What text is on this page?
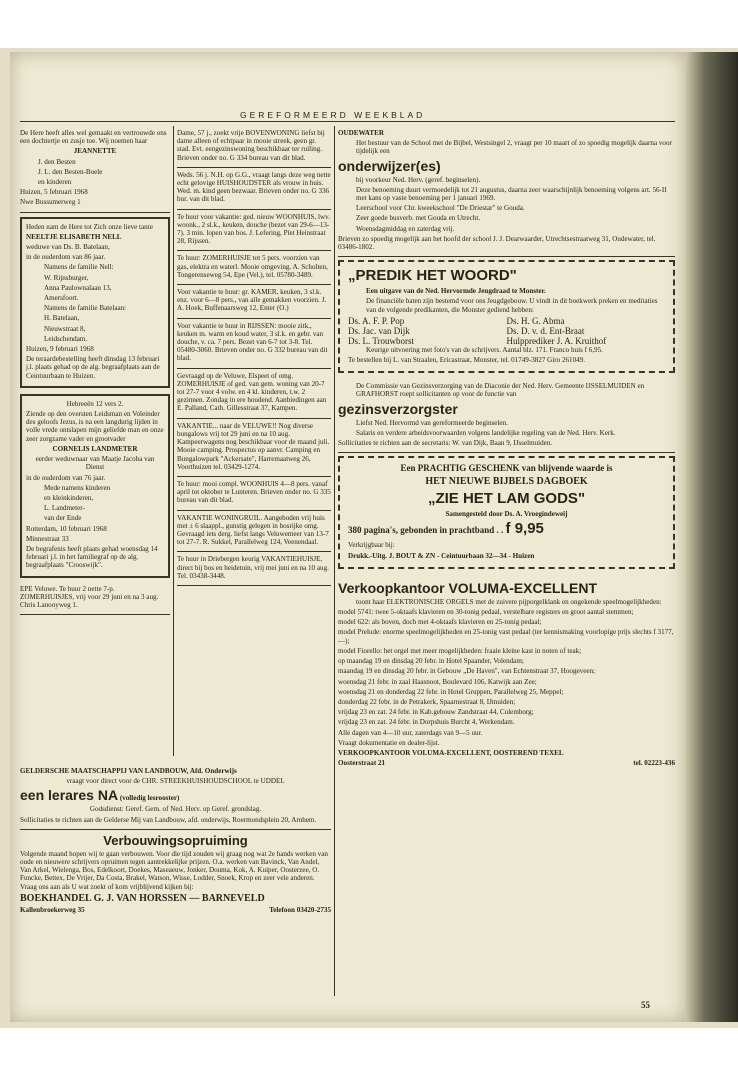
GEREFORMEERD WEEKBLAD

De Here heeft alles wel gemaakt en vertrouwde ons een dochtertje en zusje toe. Wij noemen haar

JEANNETTE

J. den Besten

J. L. den Besten-Boele

en kinderen

Huizen, 5 februari 1968

Nwe Bussumerweg 1

Heden nam de Here tot Zich onze lieve tante

NEELTJE ELISABETH NELL

weduwe van Ds. B. Batelaan,

in de ouderdom van 86 jaar.

Namens de familie Nell:

W. Rijnsburger,

Anna Paulownalaan 13,

Amersfoort.

Namens de familie Batelaan:

H. Batelaan,

Nieuwstraat 8,

Leidschendam.

Huizen, 9 februari 1968

De teraardebestelling heeft dinsdag 13 februari j.l. plaats gehad op de alg. begraafplaats aan de Ceintuurbaan te Huizen.

Hebreeën 12 vers 2.

Ziende op den oversten Leidsman en Voleinder des geloofs Jezus, is na een langdurig lijden in volle vrede ontslapen mijn geliefde man en onze zeer zorgzame vader en grootvader

CORNELIS LANDMETER

eerder weduwnaar van Maatje Jacoba van Dienst

in de ouderdom van 76 jaar.

Mede namens kinderen

en kleinkinderen,

L. Landmeter-

van der Ende

Rotterdam, 10 februari 1968

Minnestraat 33

De begrafenis heeft plaats gehad woensdag 14 februari j.l. in het familiegraf op de alg. begraafplaats "Crooswijk".

EPE Veluwe. Te huur 2 nette 7-p. ZOMERHUISJES, vrij voor 29 juni en na 3 aug. Chris Lanooyweg 1.

Dame, 57 j., zoekt vrije BOVENWONING liefst bij dame alleen of echtpaar in mooie streek, geen gr. stad. Evt. eengezinswoning beschikbaar ter ruiling. Brieven onder no. G 334 bureau van dit blad.

Weds. 56 j. N.H. op G.G., vraagt langs deze weg nette echt gelovige HUISHOUDSTER als vrouw in huis. Wed. m. kind geen bezwaar. Brieven onder no. G 336 bur. van dit blad.

Te huur voor vakantie: ged. nieuw WOONHUIS, lwv. woonk., 2 sl.k., keuken, douche (bezet van 29-6—13-7). 3 min. lopen van bos. J. Lefering, Piet Heinstraat 28, Rijssen.

Te huur: ZOMERHUISJE tot 5 pers. voorzien van gas, elektra en waterl. Mooie omgeving. A. Scholten, Tongerenseweg 54, Epe (Vel.), tel. 05780-3489.

Voor vakantie te huur: gr. KAMER, keuken, 3 sl.k. enz. voor 6—8 pers., van alle gemakken voorzien. J. A. Hoek, Buffenaarsweg 12, Enter (O.)

Voor vakantie te huur in RIJSSEN: mooie zitk., keuken m. warm en koud water, 3 sl.k. en gebr. van douche, v. ca. 7 pers. Bezet van 6-7 tot 3-8. Tel. 05480-3060. Brieven onder no. G 332 bureau van dit blad.

Gevraagd op de Veluwe, Elspeet of omg. ZOMERHUISJE of ged. van gem. woning van 20-7 tot 27-7 voor 4 volw. en 4 kl. kinderen, t.w. 2 gezinnen. Zondag in ere houdend. Aanbiedingen aan E. Palland, Cath. Gillesstraat 37, Kampen.

VAKANTIE... naar de VELUWE!! Nog diverse bungalows vrij tot 29 juni en na 10 aug. Kampeerwagens nog beschikbaar voor de maand juli. Mooie camping. Prospectus op aanvr. Camping en Bungalowpark "Ackersate", Harremaatweg 26, Voorthuizen tel. 03429-1274.

Te huur: mooi compl. WOONHUIS 4—8 pers. vanaf april tot oktober te Lunteren. Brieven onder no. G 335 bureau van dit blad.

VAKANTIE WONINGRUIL. Aangeboden vrij huis met ± 6 slaappl., gunstig gelegen in bosrijke omg. Gevraagd iets derg. liefst langs Veluwemeer van 13-7 tot 27-7. R. Sukkel, Parallelweg 124, Veenendaal.

Te huur in Driebergen keurig VAKANTIEHUISJE, direct bij bos en heidetuin, vrij mei juni en na 10 aug. Tel. 03438-3448.

GELDERSCHE MAATSCHAPPIJ VAN LANDBOUW, Afd. Onderwijs

vraagt voor direct voor de CHR. STREEKHUISHOUDSCHOOL te UDDEL

een lerares NA (volledig lesrooster)

Godsdienst: Geref. Gem. of Ned. Herv. op Geref. grondslag.

Sollicitaties te richten aan de Gelderse Mij van Landbouw, afd. onderwijs, Roermondsplein 20, Arnhem.

Verbouwingsopruiming

Volgende maand hopen wij te gaan verbouwen. Voor die tijd zouden wij graag nog wat 2e hands werken van oude en nieuwere schrijvers opruimen tegen aantrekkelijke prijzen. O.a. werken van Bavinck, Van Andel, Van Arkel, Wielenga, Bos, Edelkoort, Doekes, Maseaeuw, Jonker, Douma, Kok, A. Kuiper, Oosterzee, O. Funcke, Bettex, De Vrijer, Da Costa, Brakel, Watson, Wisse, Lodder, Snoek, Krop en zeer vele anderen. Vraag ons aan als U wat zoekt of kom vrijblijvend kijken bij:

BOEKHANDEL G. J. VAN HORSSEN — BARNEVELD

Kallenbroekerweg 35	Telefoon 03420-2735

OUDEWATER

Het bestuur van de School met de Bijbel, Westsingel 2, vraagt per 10 maart of zo spoedig mogelijk daarna voor tijdelijk een

onderwijzer(es)

bij voorkeur Ned. Herv. (geref. beginselen).

Deze benoeming duurt vermoedelijk tot 21 augustus, daarna zeer waarschijnlijk benoeming volgens art. 56-II met kans op vaste benoeming per 1 januari 1969.

Leerschool voor Chr. kweekschool "De Driestar" te Gouda.

Zeer goede busverb. met Gouda en Utrecht.

Woensdagmiddag en zaterdag vrij.

Brieven zo spoedig mogelijk aan het hoofd der school J. J. Dearwaarder, Utrechtsestraatweg 31, Oudewater, tel. 03486-1802.

„PREDIK HET WOORD"

Een uitgave van de Ned. Hervormde Jeugdraad te Monster.

De financiële baten zijn bestemd voor ons Jeugdgebouw. U vindt in dit boekwerk preken en meditaties van de volgende predikanten, die Monster gediend hebben:

Ds. A. F. P. Pop	Ds. H. G. Abma
Ds. Jac. van Dijk	Ds. D. v. d. Ent-Braat
Ds. L. Trouwborst	Hulpprediker J. A. Kruithof

Keurige uitvoering met foto's van de schrijvers. Aantal blz. 171. Franco huis f 6,95.

Te bestellen bij L. van Straalen, Ericastraat, Monster, tel. 01749-3827 Giro 261049.

De Commissie van Gezinsverzorging van de Diaconie der Ned. Herv. Gemeente IJSSELMUIDEN en GRAFHORST roept sollicitanten op voor de functie van

gezinsverzorgster

Liefst Ned. Hervormd van gereformeerde beginselen.

Salaris en verdere arbeidsvoorwaarden volgens landelijke regeling van de Ned. Herv. Kerk.

Sollicitaties te richten aan de secretaris: W. van Dijk, Baan 9, IJsselmuiden.

Een PRACHTIG GESCHENK van blijvende waarde is

HET NIEUWE BIJBELS DAGBOEK

„ZIE HET LAM GODS"

Samengesteld door Ds. A. Vroegindeweij

380 pagina's, gebonden in prachtband . . f 9,95

Verkrijgbaar bij:

Drukk.-Uitg. J. BOUT & ZN - Ceintuurbaan 32—34 - Huizen

Verkoopkantoor VOLUMA-EXCELLENT

toont haar ELEKTRONISCHE ORGELS met de zuivere pijporgelklank en ongekende speelmogelijkheden:

model 5741: twee 5-oktaafs klavieren en 30-tonig pedaal, verstelbare registers en groot aantal stemmen;

model 622: als boven, doch met 4-oktaafs klavieren en 25-tonig pedaal;

model Prelude: enorme speelmogelijkheden en 25-tonig vast pedaal (ter kennismaking voorlopige prijs slechts f 3177,—);

model Fiorello: het orgel met meer mogelijkheden: fraaie kleine kast in noten of teak;

op maandag 19 en dinsdag 20 febr. in Hotel Spaander, Volendam;

maandag 19 en dinsdag 20 febr. in Gebouw „De Haven", van Echtenstraat 37, Hoogeveen;

woensdag 21 febr. in zaal Haasnoot, Boulevard 106, Katwijk aan Zee;

woensdag 21 en donderdag 22 febr. in Hotel Gruppen, Parallelweg 25, Meppel;

donderdag 22 febr. in de Petrakerk, Spaarnestraat 8, IJmuiden;

vrijdag 23 en zat. 24 febr. in Kab.gebouw Zandstraat 44, Culemborg;

vrijdag 23 en zat. 24 febr. in Dorpshuis Burcht 4, Werkendam.

Alle dagen van 4—10 uur, zaterdags van 9—5 uur.

Vraagt dokumentatie en dealer-lijst.

VERKOOPKANTOOR VOLUMA-EXCELLENT, OOSTEREND TEXEL

Oosterstraat 21	tel. 02223-436
55
